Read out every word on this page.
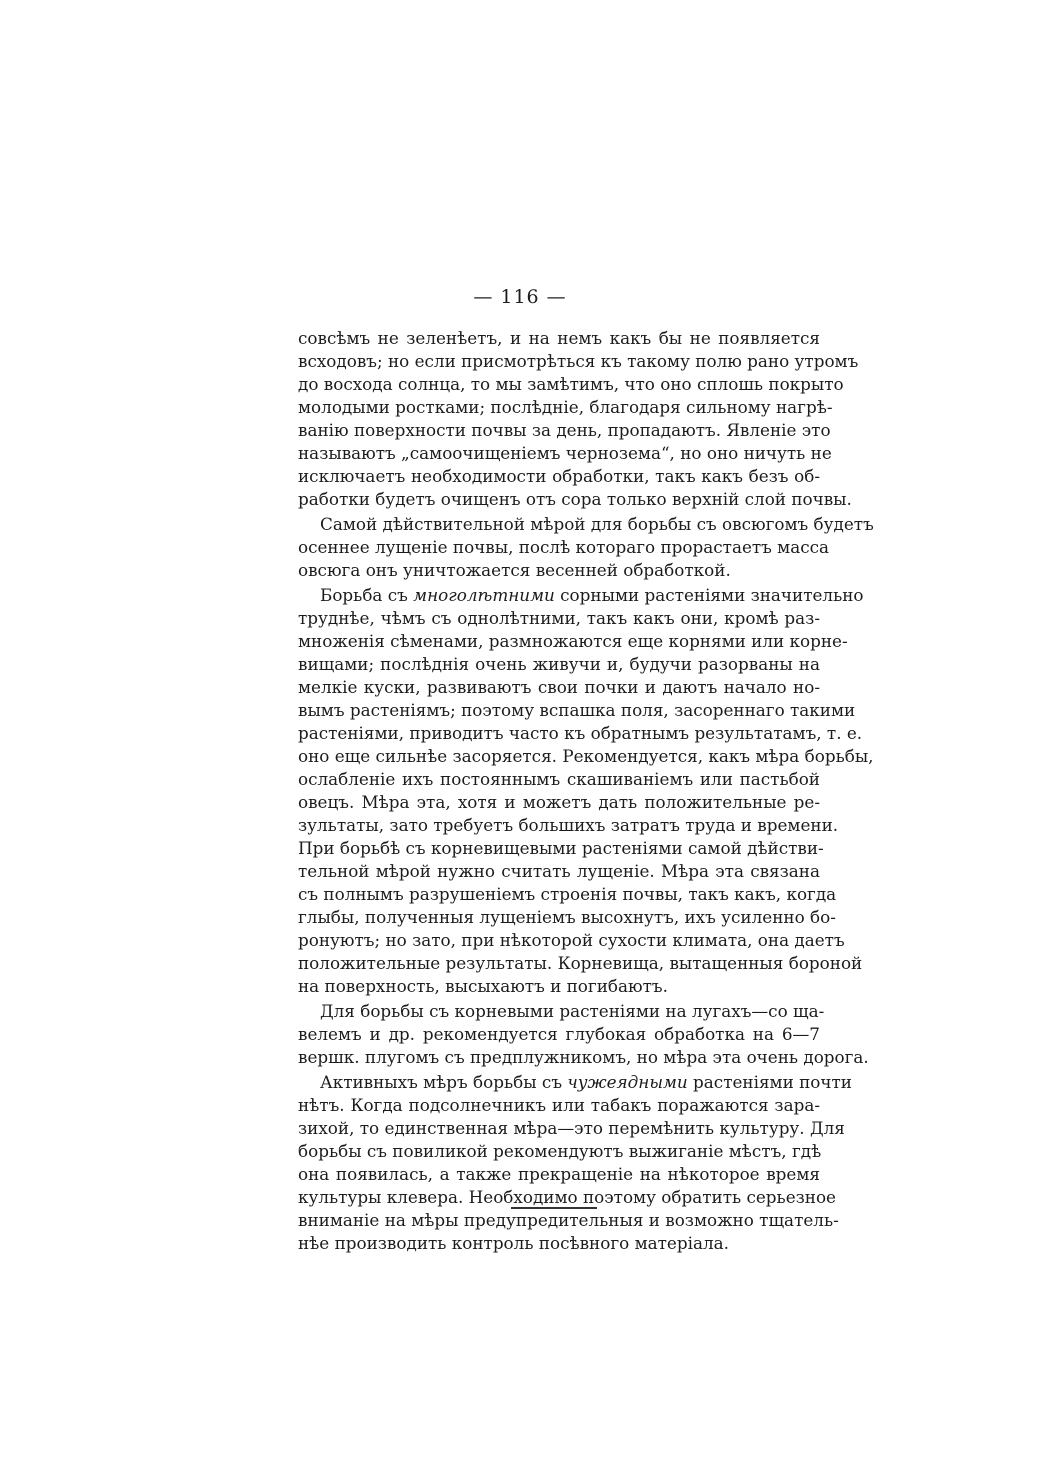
— 116 —
совсѣмъ не зеленѣетъ, и на немъ какъ бы не появляется
всходовъ; но если присмотрѣться къ такому полю рано утромъ
до восхода солнца, то мы замѣтимъ, что оно сплошь покрыто
молодыми ростками; послѣдніе, благодаря сильному нагрѣ-
ванію поверхности почвы за день, пропадаютъ. Явленіе это
называютъ „самоочищеніемъ чернозема“, но оно ничуть не
исключаетъ необходимости обработки, такъ какъ безъ об-
работки будетъ очищенъ отъ сора только верхній слой почвы.
Самой дѣйствительной мѣрой для борьбы съ овсюгомъ будетъ
осеннее лущеніе почвы, послѣ котораго прорастаетъ масса
овсюга онъ уничтожается весенней обработкой.
Борьба съ многолѣтними сорными растеніями значительно
труднѣе, чѣмъ съ однолѣтними, такъ какъ они, кромѣ раз-
множенія сѣменами, размножаются еще корнями или корне-
вищами; послѣднія очень живучи и, будучи разорваны на
мелкіе куски, развиваютъ свои почки и даютъ начало но-
вымъ растеніямъ; поэтому вспашка поля, засореннаго такими
растеніями, приводитъ часто къ обратнымъ результатамъ, т. е.
оно еще сильнѣе засоряется. Рекомендуется, какъ мѣра борьбы,
ослабленіе ихъ постояннымъ скашиваніемъ или пастьбой
овецъ. Мѣра эта, хотя и можетъ дать положительные ре-
зультаты, зато требуетъ большихъ затратъ труда и времени.
При борьбѣ съ корневищевыми растеніями самой дѣйстви-
тельной мѣрой нужно считать лущеніе. Мѣра эта связана
съ полнымъ разрушеніемъ строенія почвы, такъ какъ, когда
глыбы, полученныя лущеніемъ высохнутъ, ихъ усиленно бо-
ронуютъ; но зато, при нѣкоторой сухости климата, она даетъ
положительные результаты. Корневища, вытащенныя бороной
на поверхность, высыхаютъ и погибаютъ.
Для борьбы съ корневыми растеніями на лугахъ—со ща-
велемъ и др. рекомендуется глубокая обработка на 6—7
вершк. плугомъ съ предплужникомъ, но мѣра эта очень дорога.
Активныхъ мѣръ борьбы съ чужеядными растеніями почти
нѣтъ. Когда подсолнечникъ или табакъ поражаются зара-
зихой, то единственная мѣра—это перемѣнить культуру. Для
борьбы съ повиликой рекомендуютъ выжиганіе мѣстъ, гдѣ
она появилась, а также прекращеніе на нѣкоторое время
культуры клевера. Необходимо поэтому обратить серьезное
вниманіе на мѣры предупредительныя и возможно тщатель-
нѣе производить контроль посѣвного матеріала.
